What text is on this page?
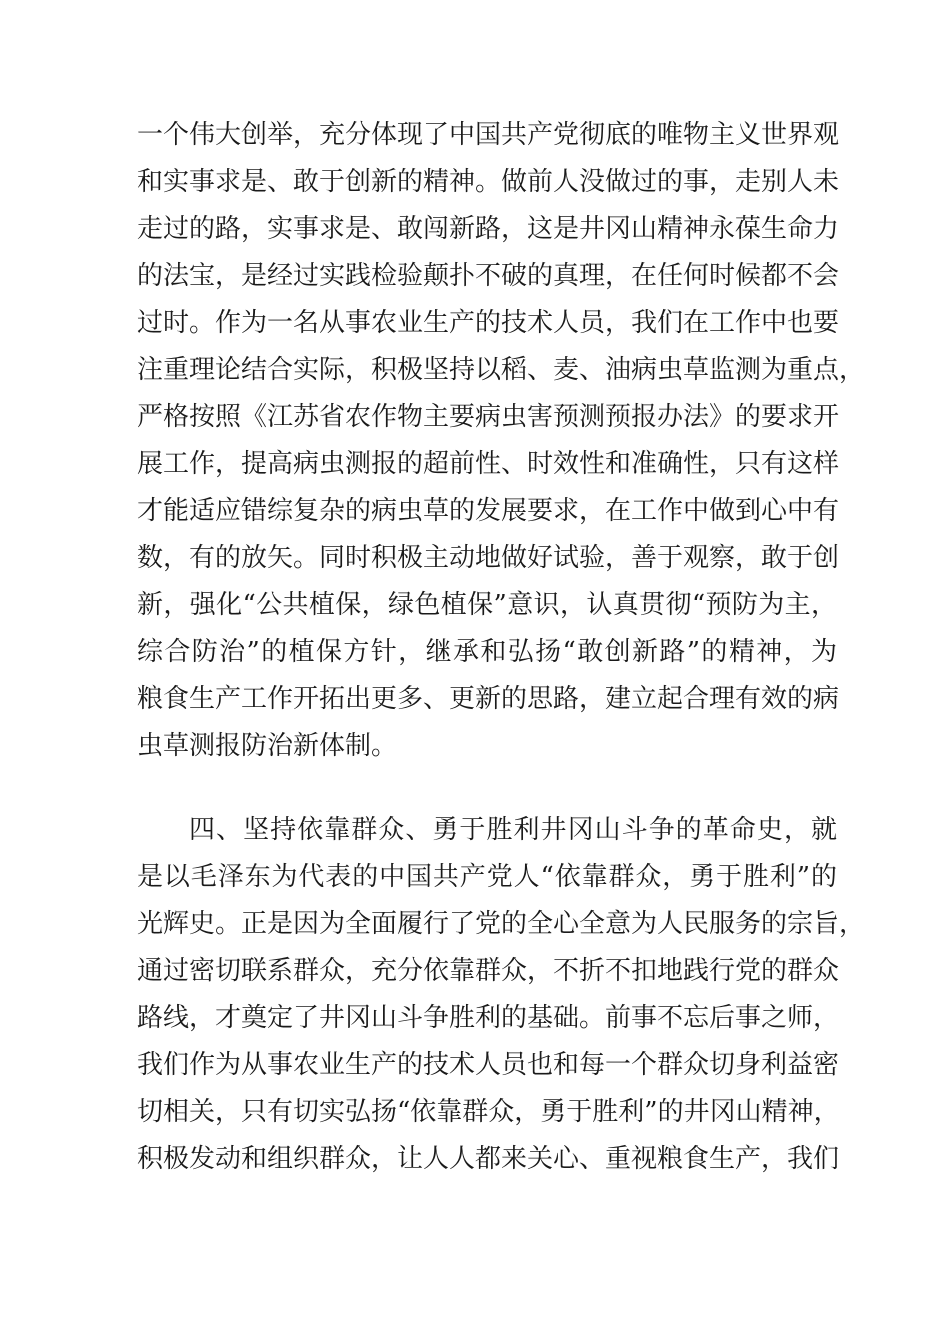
一个伟大创举，充分体现了中国共产党彻底的唯物主义世界观
和实事求是、敢于创新的精神。做前人没做过的事，走别人未
走过的路，实事求是、敢闯新路，这是井冈山精神永葆生命力
的法宝，是经过实践检验颠扑不破的真理，在任何时候都不会
过时。作为一名从事农业生产的技术人员，我们在工作中也要
注重理论结合实际，积极坚持以稻、麦、油病虫草监测为重点，
严格按照《江苏省农作物主要病虫害预测预报办法》的要求开
展工作，提高病虫测报的超前性、时效性和准确性，只有这样
才能适应错综复杂的病虫草的发展要求，在工作中做到心中有
数，有的放矢。同时积极主动地做好试验，善于观察，敢于创
新，强化“公共植保，绿色植保”意识，认真贯彻“预防为主，
综合防治”的植保方针，继承和弘扬“敢创新路”的精神，为
粮食生产工作开拓出更多、更新的思路，建立起合理有效的病
虫草测报防治新体制。
四、坚持依靠群众、勇于胜利井冈山斗争的革命史，就
是以毛泽东为代表的中国共产党人“依靠群众，勇于胜利”的
光辉史。正是因为全面履行了党的全心全意为人民服务的宗旨，
通过密切联系群众，充分依靠群众，不折不扣地践行党的群众
路线，才奠定了井冈山斗争胜利的基础。前事不忘后事之师，
我们作为从事农业生产的技术人员也和每一个群众切身利益密
切相关，只有切实弘扬“依靠群众，勇于胜利”的井冈山精神，
积极发动和组织群众，让人人都来关心、重视粮食生产，我们
